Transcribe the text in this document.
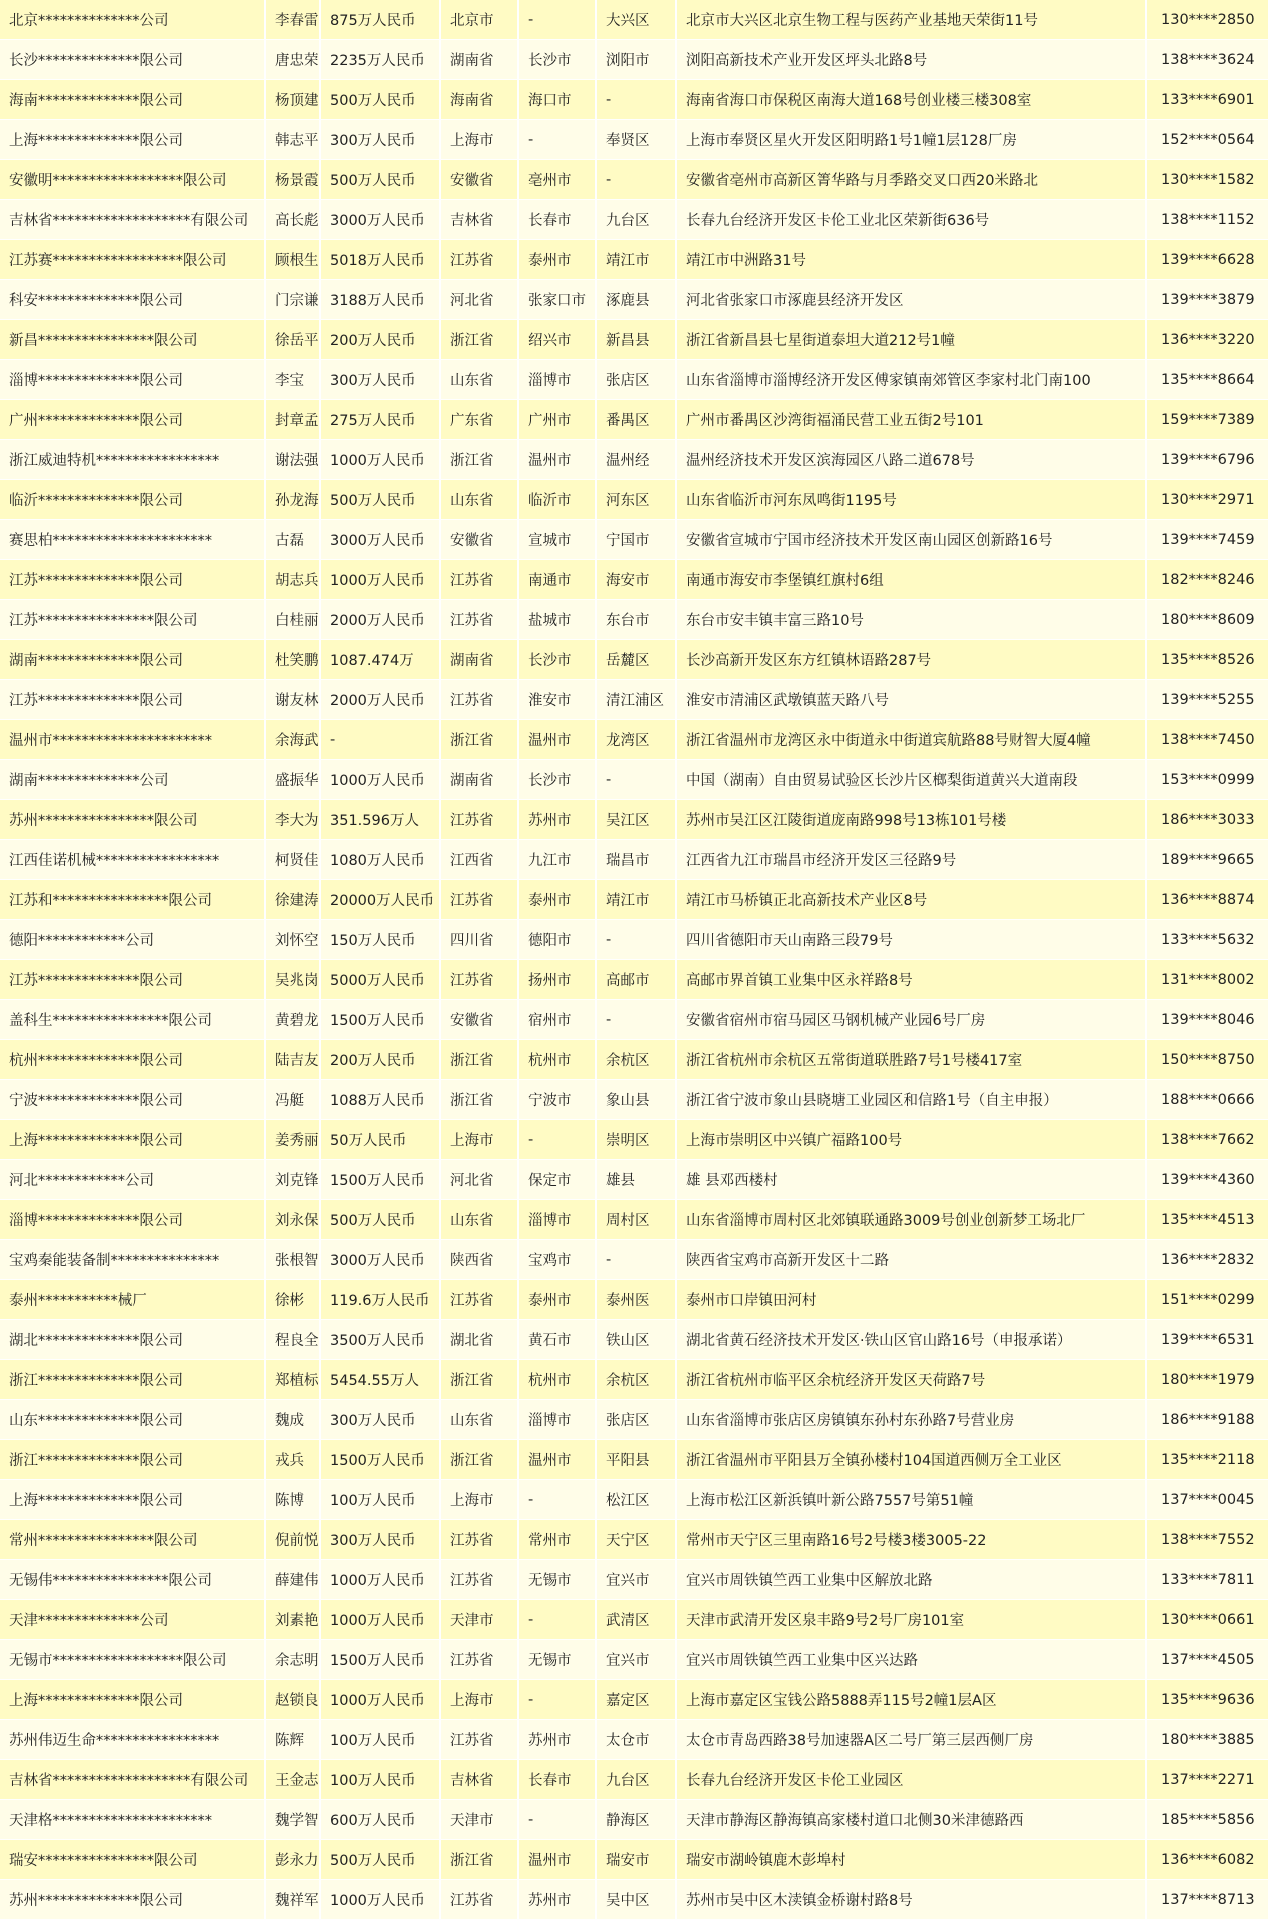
北京**************公司	李春雷	875万人民币	北京市	-	大兴区	北京市大兴区北京生物工程与医药产业基地天荣街11号	130****2850
长沙**************限公司	唐忠荣	2235万人民币	湖南省	长沙市	浏阳市	浏阳高新技术产业开发区坪头北路8号	138****3624
海南**************限公司	杨顶建	500万人民币	海南省	海口市	-	海南省海口市保税区南海大道168号创业楼三楼308室	133****6901
上海**************限公司	韩志平	300万人民币	上海市	-	奉贤区	上海市奉贤区星火开发区阳明路1号1幢1层128厂房	152****0564
安徽明******************限公司	杨景霞	500万人民币	安徽省	亳州市	-	安徽省亳州市高新区箐华路与月季路交叉口西20米路北	130****1582
吉林省*******************有限公司	高长彪	3000万人民币	吉林省	长春市	九台区	长春九台经济开发区卡伦工业北区荣新街636号	138****1152
江苏赛******************限公司	顾根生	5018万人民币	江苏省	泰州市	靖江市	靖江市中洲路31号	139****6628
科安**************限公司	门宗谦	3188万人民币	河北省	张家口市	涿鹿县	河北省张家口市涿鹿县经济开发区	139****3879
新昌****************限公司	徐岳平	200万人民币	浙江省	绍兴市	新昌县	浙江省新昌县七星街道泰坦大道212号1幢	136****3220
淄博**************限公司	李宝	300万人民币	山东省	淄博市	张店区	山东省淄博市淄博经济开发区傅家镇南郊管区李家村北门南100	135****8664
广州**************限公司	封章孟	275万人民币	广东省	广州市	番禺区	广州市番禺区沙湾街福涌民营工业五街2号101	159****7389
浙江威迪特机*****************	谢法强	1000万人民币	浙江省	温州市	温州经	温州经济技术开发区滨海园区八路二道678号	139****6796
临沂**************限公司	孙龙海	500万人民币	山东省	临沂市	河东区	山东省临沂市河东凤鸣街1195号	130****2971
赛思柏**********************	古磊	3000万人民币	安徽省	宣城市	宁国市	安徽省宣城市宁国市经济技术开发区南山园区创新路16号	139****7459
江苏**************限公司	胡志兵	1000万人民币	江苏省	南通市	海安市	南通市海安市李堡镇红旗村6组	182****8246
江苏****************限公司	白桂丽	2000万人民币	江苏省	盐城市	东台市	东台市安丰镇丰富三路10号	180****8609
湖南**************限公司	杜笑鹏	1087.474万	湖南省	长沙市	岳麓区	长沙高新开发区东方红镇林语路287号	135****8526
江苏**************限公司	谢友林	2000万人民币	江苏省	淮安市	清江浦区	淮安市清浦区武墩镇蓝天路八号	139****5255
温州市**********************	余海武	-	浙江省	温州市	龙湾区	浙江省温州市龙湾区永中街道永中街道宾航路88号财智大厦4幢	138****7450
湖南**************公司	盛振华	1000万人民币	湖南省	长沙市	-	中国（湖南）自由贸易试验区长沙片区榔梨街道黄兴大道南段	153****0999
苏州****************限公司	李大为	351.596万人	江苏省	苏州市	吴江区	苏州市吴江区江陵街道庞南路998号13栋101号楼	186****3033
江西佳诺机械*****************	柯贤佳	1080万人民币	江西省	九江市	瑞昌市	江西省九江市瑞昌市经济开发区三径路9号	189****9665
江苏和****************限公司	徐建涛	20000万人民币	江苏省	泰州市	靖江市	靖江市马桥镇正北高新技术产业区8号	136****8874
德阳************公司	刘怀空	150万人民币	四川省	德阳市	-	四川省德阳市天山南路三段79号	133****5632
江苏**************限公司	吴兆岗	5000万人民币	江苏省	扬州市	高邮市	高邮市界首镇工业集中区永祥路8号	131****8002
盖科生****************限公司	黄碧龙	1500万人民币	安徽省	宿州市	-	安徽省宿州市宿马园区马钢机械产业园6号厂房	139****8046
杭州**************限公司	陆吉友	200万人民币	浙江省	杭州市	余杭区	浙江省杭州市余杭区五常街道联胜路7号1号楼417室	150****8750
宁波**************限公司	冯艇	1088万人民币	浙江省	宁波市	象山县	浙江省宁波市象山县晓塘工业园区和信路1号（自主申报）	188****0666
上海**************限公司	姜秀丽	50万人民币	上海市	-	崇明区	上海市崇明区中兴镇广福路100号	138****7662
河北************公司	刘克锋	1500万人民币	河北省	保定市	雄县	雄 县邓西楼村	139****4360
淄博**************限公司	刘永保	500万人民币	山东省	淄博市	周村区	山东省淄博市周村区北郊镇联通路3009号创业创新梦工场北厂	135****4513
宝鸡秦能装备制***************	张根智	3000万人民币	陕西省	宝鸡市	-	陕西省宝鸡市高新开发区十二路	136****2832
泰州***********械厂	徐彬	119.6万人民币	江苏省	泰州市	泰州医	泰州市口岸镇田河村	151****0299
湖北**************限公司	程良全	3500万人民币	湖北省	黄石市	铁山区	湖北省黄石经济技术开发区·铁山区官山路16号（申报承诺）	139****6531
浙江**************限公司	郑植标	5454.55万人	浙江省	杭州市	余杭区	浙江省杭州市临平区余杭经济开发区天荷路7号	180****1979
山东**************限公司	魏成	300万人民币	山东省	淄博市	张店区	山东省淄博市张店区房镇镇东孙村东孙路7号营业房	186****9188
浙江**************限公司	戎兵	1500万人民币	浙江省	温州市	平阳县	浙江省温州市平阳县万全镇孙楼村104国道西侧万全工业区	135****2118
上海**************限公司	陈博	100万人民币	上海市	-	松江区	上海市松江区新浜镇叶新公路7557号第51幢	137****0045
常州****************限公司	倪前悦	300万人民币	江苏省	常州市	天宁区	常州市天宁区三里南路16号2号楼3楼3005-22	138****7552
无锡伟****************限公司	薛建伟	1000万人民币	江苏省	无锡市	宜兴市	宜兴市周铁镇竺西工业集中区解放北路	133****7811
天津**************公司	刘素艳	1000万人民币	天津市	-	武清区	天津市武清开发区泉丰路9号2号厂房101室	130****0661
无锡市******************限公司	余志明	1500万人民币	江苏省	无锡市	宜兴市	宜兴市周铁镇竺西工业集中区兴达路	137****4505
上海**************限公司	赵锁良	1000万人民币	上海市	-	嘉定区	上海市嘉定区宝钱公路5888弄115号2幢1层A区	135****9636
苏州伟迈生命*****************	陈辉	100万人民币	江苏省	苏州市	太仓市	太仓市青岛西路38号加速器A区二号厂第三层西侧厂房	180****3885
吉林省*******************有限公司	王金志	100万人民币	吉林省	长春市	九台区	长春九台经济开发区卡伦工业园区	137****2271
天津格**********************	魏学智	600万人民币	天津市	-	静海区	天津市静海区静海镇高家楼村道口北侧30米津德路西	185****5856
瑞安****************限公司	彭永力	500万人民币	浙江省	温州市	瑞安市	瑞安市湖岭镇鹿木彭埠村	136****6082
苏州**************限公司	魏祥军	1000万人民币	江苏省	苏州市	吴中区	苏州市吴中区木渎镇金桥谢村路8号	137****8713
